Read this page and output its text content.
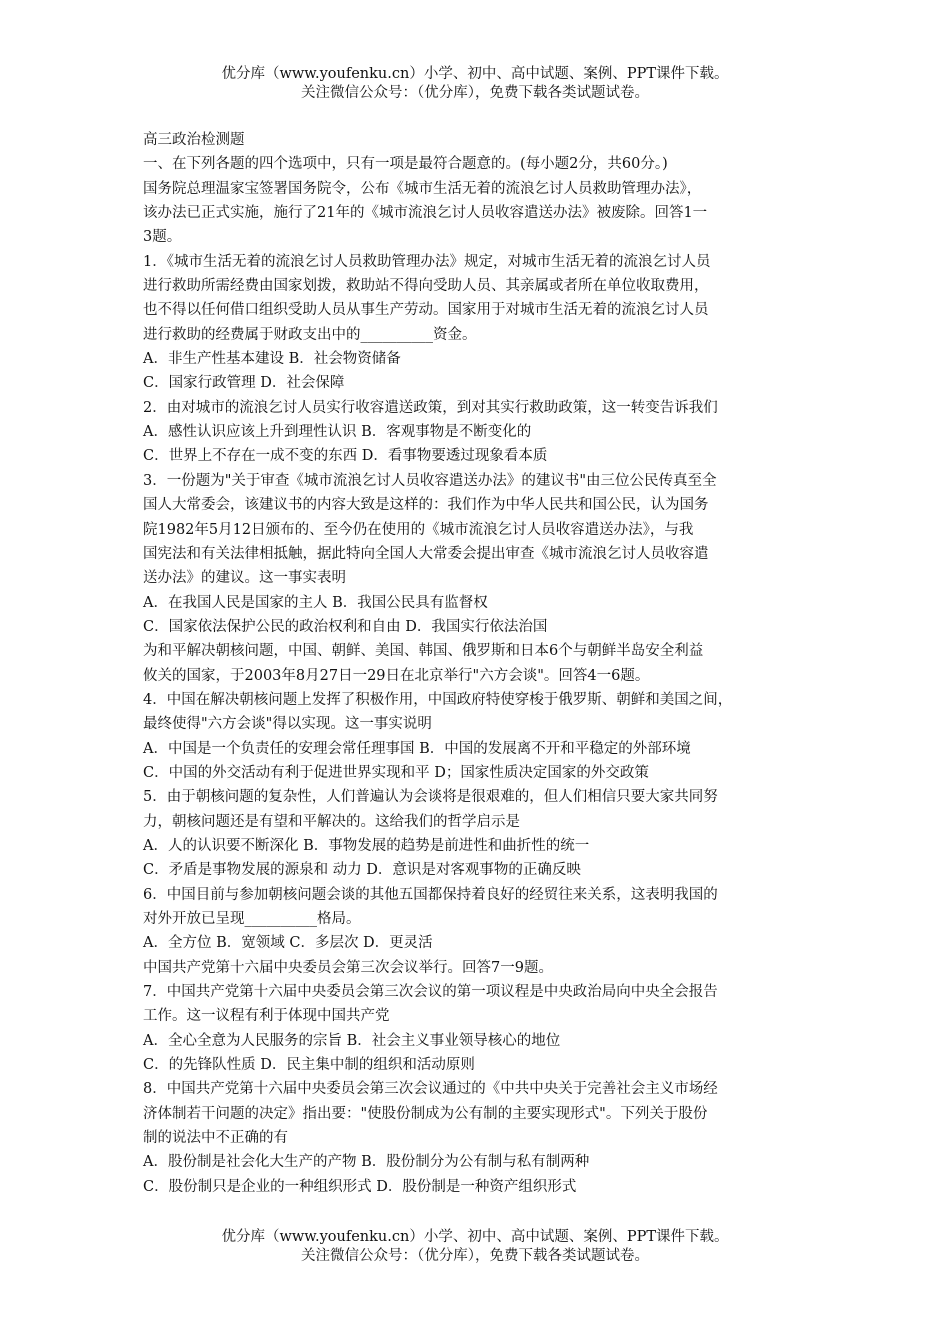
优分库（www.youfenku.cn）小学、初中、高中试题、案例、PPT课件下载。
关注微信公众号：（优分库），免费下载各类试题试卷。

高三政治检测题

一、在下列各题的四个选项中，只有一项是最符合题意的。(每小题2分，共60分。)

国务院总理温家宝签署国务院令，公布《城市生活无着的流浪乞讨人员救助管理办法》，

该办法已正式实施，施行了21年的《城市流浪乞讨人员收容遣送办法》被废除。回答1一

3题。

1．《城市生活无着的流浪乞讨人员救助管理办法》规定，对城市生活无着的流浪乞讨人员

进行救助所需经费由国家划拨，救助站不得向受助人员、其亲属或者所在单位收取费用，

也不得以任何借口组织受助人员从事生产劳动。国家用于对城市生活无着的流浪乞讨人员

进行救助的经费属于财政支出中的__________资金。

A．非生产性基本建设 B．社会物资储备

C．国家行政管理 D．社会保障

2．由对城市的流浪乞讨人员实行收容遣送政策，到对其实行救助政策，这一转变告诉我们

A．感性认识应该上升到理性认识 B．客观事物是不断变化的

C．世界上不存在一成不变的东西 D．看事物要透过现象看本质

3．一份题为"关于审查《城市流浪乞讨人员收容遣送办法》的建议书"由三位公民传真至全

国人大常委会，该建议书的内容大致是这样的：我们作为中华人民共和国公民，认为国务

院1982年5月12日颁布的、至今仍在使用的《城市流浪乞讨人员收容遣送办法》，与我

国宪法和有关法律相抵触，据此特向全国人大常委会提出审查《城市流浪乞讨人员收容遣

送办法》的建议。这一事实表明

A．在我国人民是国家的主人 B．我国公民具有监督权

C．国家依法保护公民的政治权利和自由 D．我国实行依法治国

为和平解决朝核问题，中国、朝鲜、美国、韩国、俄罗斯和日本6个与朝鲜半岛安全利益

攸关的国家，于2003年8月27日一29日在北京举行"六方会谈"。回答4一6题。

4．中国在解决朝核问题上发挥了积极作用，中国政府特使穿梭于俄罗斯、朝鲜和美国之间，

最终使得"六方会谈"得以实现。这一事实说明

A．中国是一个负责任的安理会常任理事国 B．中国的发展离不开和平稳定的外部环境

C．中国的外交活动有利于促进世界实现和平 D；国家性质决定国家的外交政策

5．由于朝核问题的复杂性，人们普遍认为会谈将是很艰难的，但人们相信只要大家共同努

力，朝核问题还是有望和平解决的。这给我们的哲学启示是

A．人的认识要不断深化 B．事物发展的趋势是前进性和曲折性的统一

C．矛盾是事物发展的源泉和 动力 D．意识是对客观事物的正确反映

6．中国目前与参加朝核问题会谈的其他五国都保持着良好的经贸往来关系，这表明我国的

对外开放已呈现__________格局。

A．全方位 B．宽领域 C．多层次 D．更灵活

中国共产党第十六届中央委员会第三次会议举行。回答7一9题。

7．中国共产党第十六届中央委员会第三次会议的第一项议程是中央政治局向中央全会报告

工作。这一议程有利于体现中国共产党

A．全心全意为人民服务的宗旨 B．社会主义事业领导核心的地位

C．的先锋队性质 D．民主集中制的组织和活动原则

8．中国共产党第十六届中央委员会第三次会议通过的《中共中央关于完善社会主义市场经

济体制若干问题的决定》指出要："使股份制成为公有制的主要实现形式"。下列关于股份

制的说法中不正确的有

A．股份制是社会化大生产的产物 B．股份制分为公有制与私有制两种

C．股份制只是企业的一种组织形式 D．股份制是一种资产组织形式

优分库（www.youfenku.cn）小学、初中、高中试题、案例、PPT课件下载。
关注微信公众号：（优分库），免费下载各类试题试卷。
